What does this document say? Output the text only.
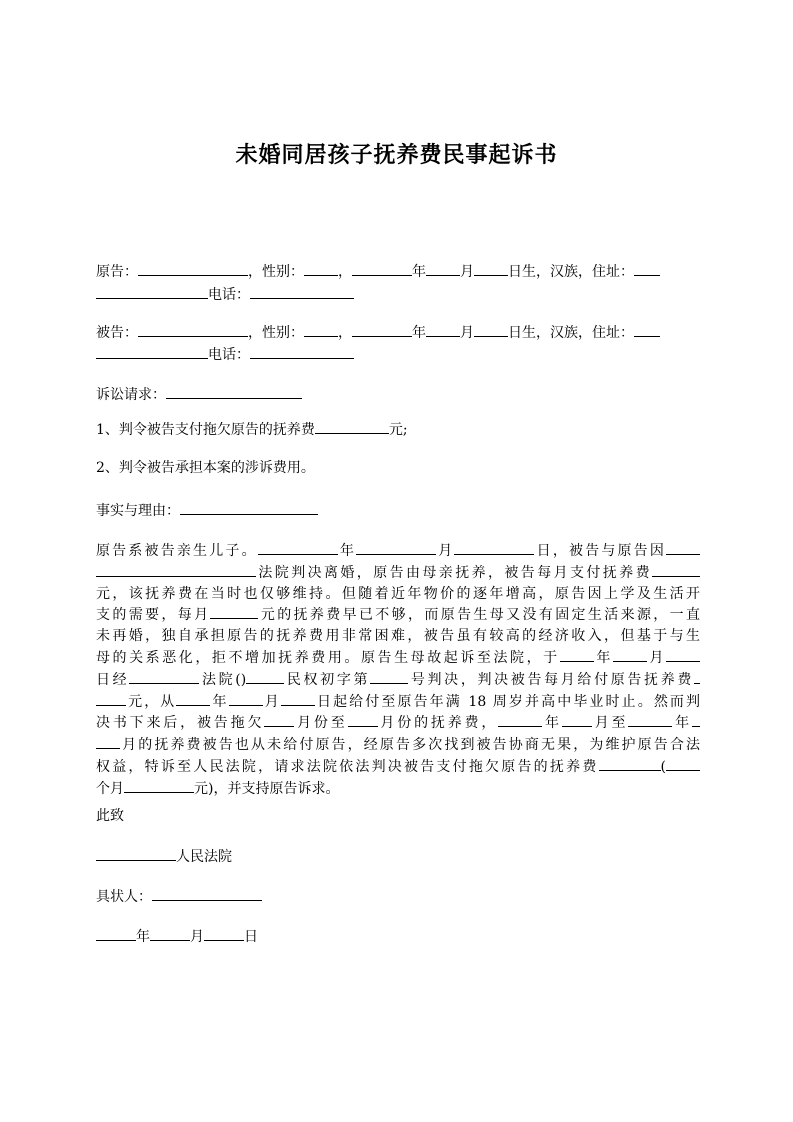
未婚同居孩子抚养费民事起诉书
原告：	，性别： ，	年 月 日生，汉族，住址：
电话：
被告：	，性别： ，	年 月 日生，汉族，住址：
电话：
诉讼请求：
1、判令被告支付拖欠原告的抚养费	元;
2、判令被告承担本案的涉诉费用。
事实与理由：
原告系被告亲生儿子。	年	月	日，被告与原告因
法院判决离婚，原告由母亲抚养，被告每月支付抚养费
元，该抚养费在当时也仅够维持。但随着近年物价的逐年增高，原告因上学及生活开
支的需要，每月	元的抚养费早已不够，而原告生母又没有固定生活来源，一直
未再婚，独自承担原告的抚养费用非常困难，被告虽有较高的经济收入，但基于与生
母的关系恶化，拒不增加抚养费用。原告生母故起诉至法院，于 年 月
日经	法院()	民权初字第	号判决，判决被告每月给付原告抚养费
元，从 年 月 日起给付至原告年满 18 周岁并高中毕业时止。然而判
决书下来后，被告拖欠 月份至 月份的抚养费，	年 月至	年
月的抚养费被告也从未给付原告，经原告多次找到被告协商无果，为维护原告合法
权益，特诉至人民法院，请求法院依法判决被告支付拖欠原告的抚养费	(
个月	元)，并支持原告诉求。
此致
人民法院
具状人：
年	月	日
